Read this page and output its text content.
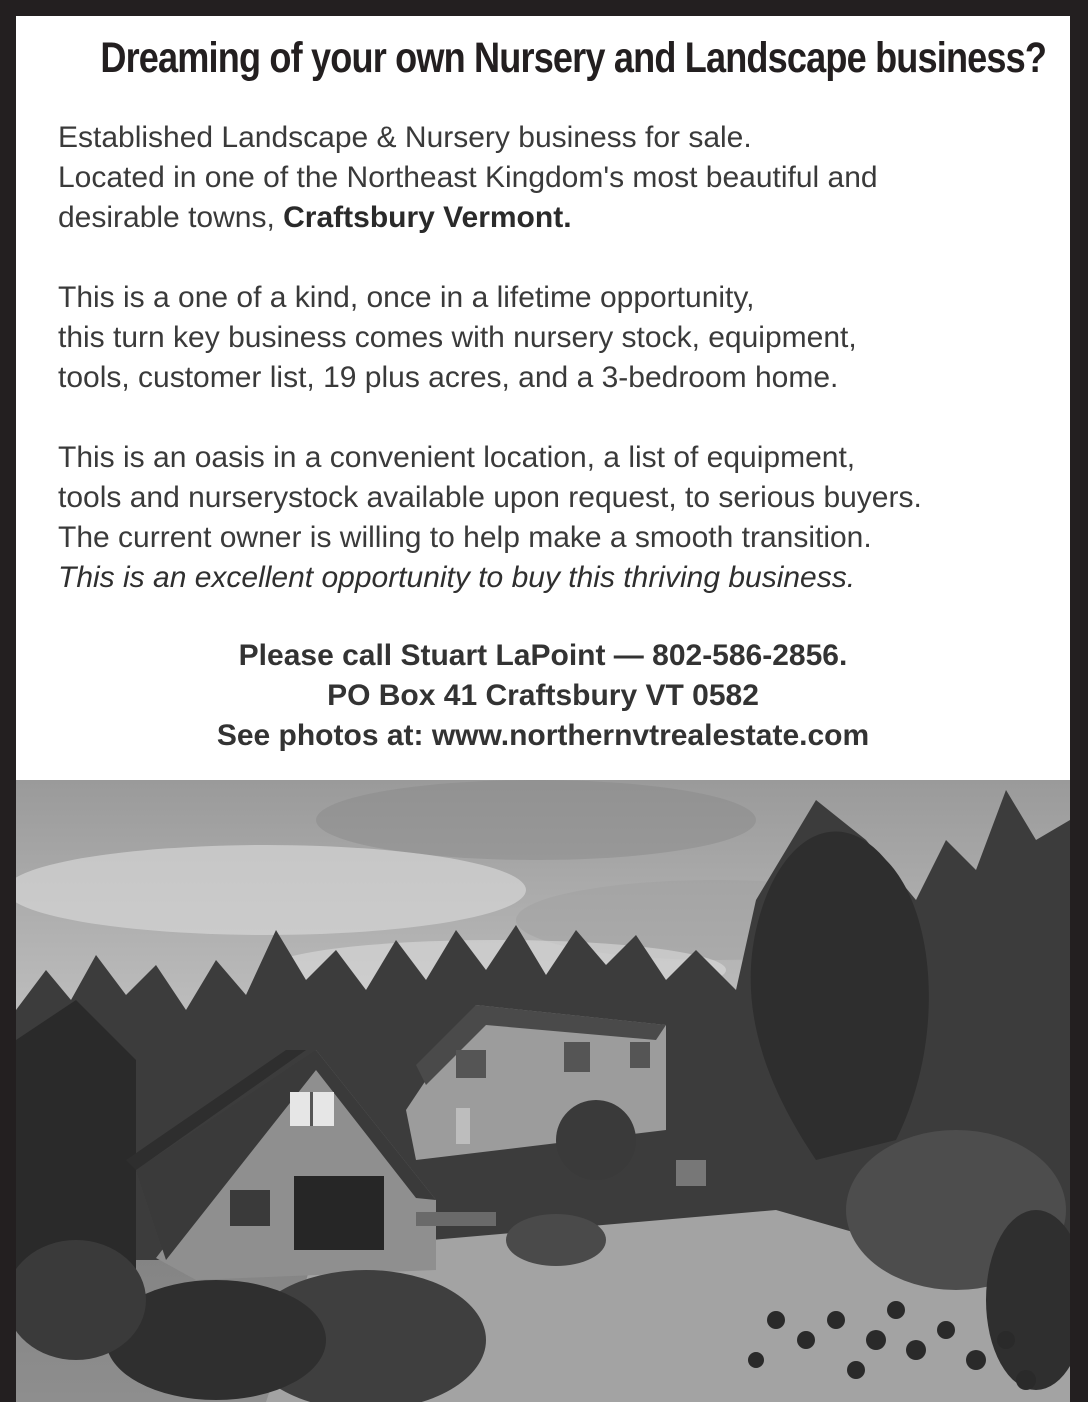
Dreaming of your own Nursery and Landscape business?

Established Landscape & Nursery business for sale.
Located in one of the Northeast Kingdom's most beautiful and
desirable towns, Craftsbury Vermont.

This is a one of a kind, once in a lifetime opportunity,
this turn key business comes with nursery stock, equipment,
tools, customer list, 19 plus acres, and a 3-bedroom home.

This is an oasis in a convenient location, a list of equipment,
tools and nurserystock available upon request, to serious buyers.
The current owner is willing to help make a smooth transition.
This is an excellent opportunity to buy this thriving business.

Please call Stuart LaPoint — 802-586-2856.
PO Box 41 Craftsbury VT 0582
See photos at: www.northernvtrealestate.com
